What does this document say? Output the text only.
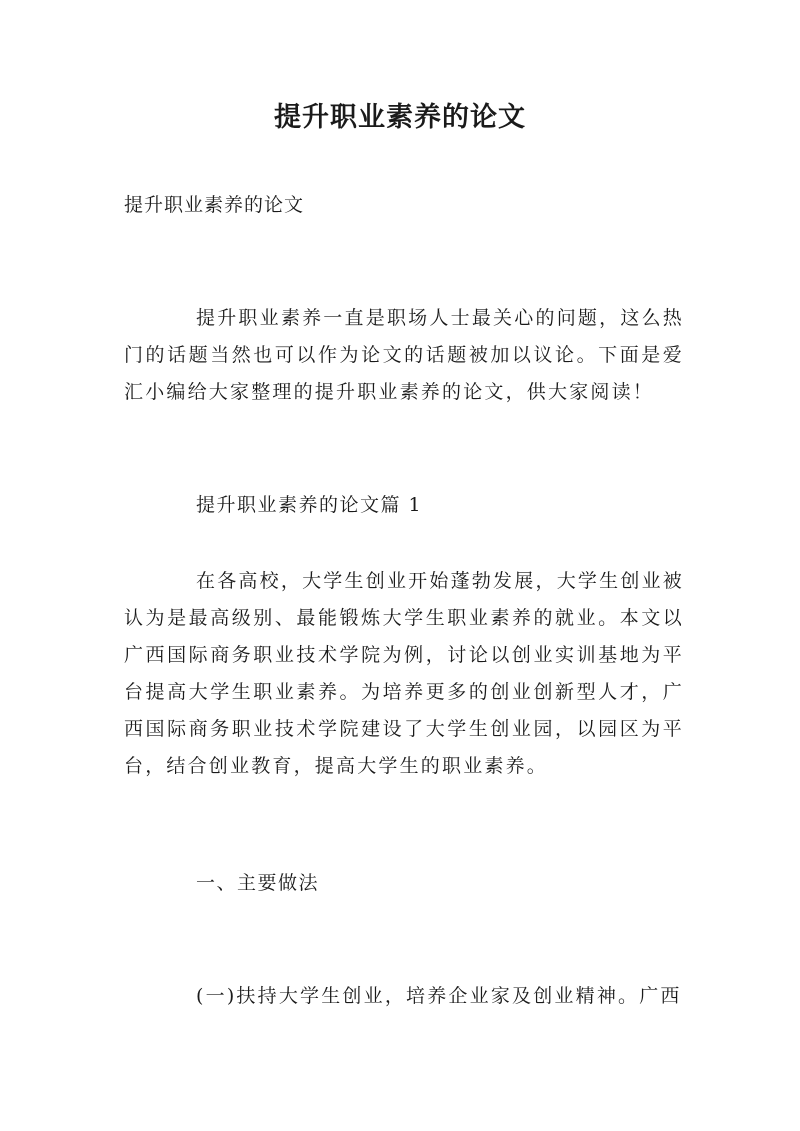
提升职业素养的论文

提升职业素养的论文

提升职业素养一直是职场人士最关心的问题，这么热门的话题当然也可以作为论文的话题被加以议论。下面是爱汇小编给大家整理的提升职业素养的论文，供大家阅读！

提升职业素养的论文篇 1

在各高校，大学生创业开始蓬勃发展，大学生创业被认为是最高级别、最能锻炼大学生职业素养的就业。本文以广西国际商务职业技术学院为例，讨论以创业实训基地为平台提高大学生职业素养。为培养更多的创业创新型人才，广西国际商务职业技术学院建设了大学生创业园，以园区为平台，结合创业教育，提高大学生的职业素养。

一、主要做法

(一)扶持大学生创业，培养企业家及创业精神。广西
